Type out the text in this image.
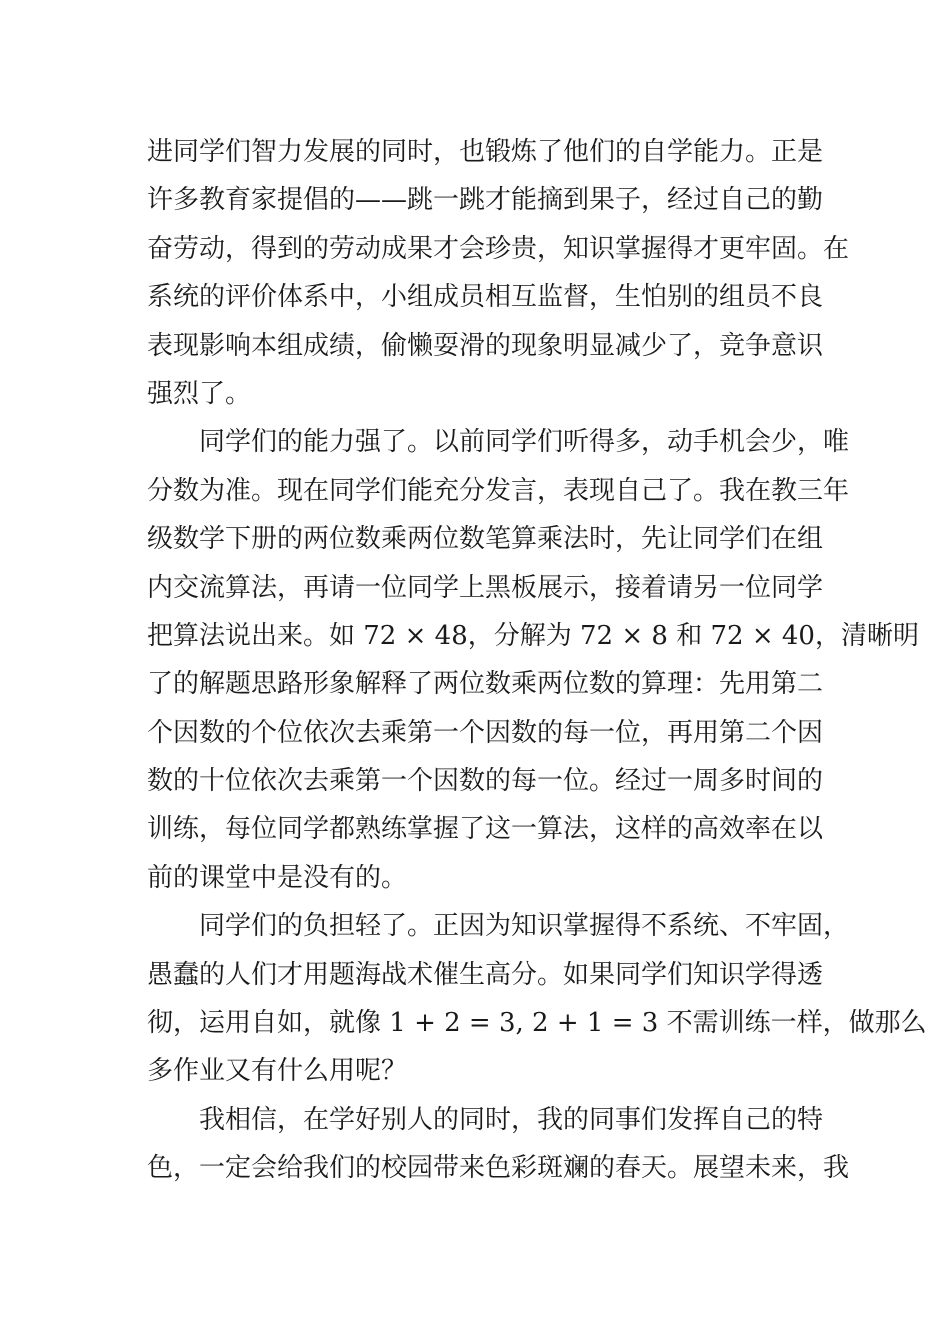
进同学们智力发展的同时，也锻炼了他们的自学能力。正是
许多教育家提倡的——跳一跳才能摘到果子，经过自己的勤
奋劳动，得到的劳动成果才会珍贵，知识掌握得才更牢固。在
系统的评价体系中，小组成员相互监督，生怕别的组员不良
表现影响本组成绩，偷懒耍滑的现象明显减少了，竞争意识
强烈了。
同学们的能力强了。以前同学们听得多，动手机会少，唯
分数为准。现在同学们能充分发言，表现自己了。我在教三年
级数学下册的两位数乘两位数笔算乘法时，先让同学们在组
内交流算法，再请一位同学上黑板展示，接着请另一位同学
把算法说出来。如 72 × 48，分解为 72 × 8 和 72 × 40，清晰明
了的解题思路形象解释了两位数乘两位数的算理：先用第二
个因数的个位依次去乘第一个因数的每一位，再用第二个因
数的十位依次去乘第一个因数的每一位。经过一周多时间的
训练，每位同学都熟练掌握了这一算法，这样的高效率在以
前的课堂中是没有的。
同学们的负担轻了。正因为知识掌握得不系统、不牢固，
愚蠢的人们才用题海战术催生高分。如果同学们知识学得透
彻，运用自如，就像 1 + 2 = 3, 2 + 1 = 3 不需训练一样，做那么
多作业又有什么用呢？
我相信，在学好别人的同时，我的同事们发挥自己的特
色，一定会给我们的校园带来色彩斑斓的春天。展望未来，我
